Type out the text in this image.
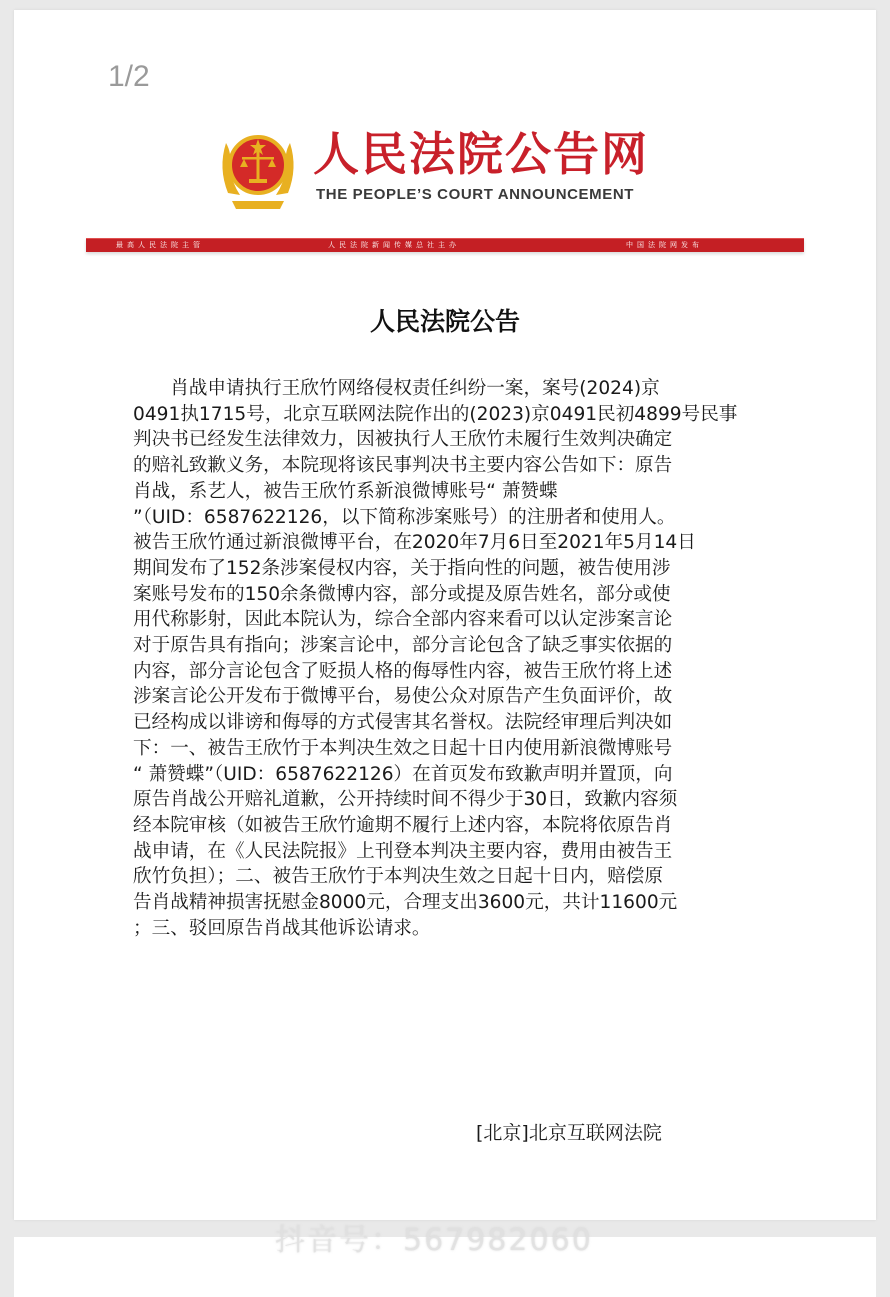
1/2
人民法院公告网
THE PEOPLE’S COURT ANNOUNCEMENT
最高人民法院主管	人民法院新闻传媒总社主办	中国法院网发布
人民法院公告
　　肖战申请执行王欣竹网络侵权责任纠纷一案，案号(2024)京
0491执1715号，北京互联网法院作出的(2023)京0491民初4899号民事
判决书已经发生法律效力，因被执行人王欣竹未履行生效判决确定
的赔礼致歉义务，本院现将该民事判决书主要内容公告如下：原告
肖战，系艺人，被告王欣竹系新浪微博账号“ 萧赞蝶
”（UID：6587622126，以下简称涉案账号）的注册者和使用人。
被告王欣竹通过新浪微博平台，在2020年7月6日至2021年5月14日
期间发布了152条涉案侵权内容，关于指向性的问题，被告使用涉
案账号发布的150余条微博内容，部分或提及原告姓名，部分或使
用代称影射，因此本院认为，综合全部内容来看可以认定涉案言论
对于原告具有指向；涉案言论中，部分言论包含了缺乏事实依据的
内容，部分言论包含了贬损人格的侮辱性内容，被告王欣竹将上述
涉案言论公开发布于微博平台，易使公众对原告产生负面评价，故
已经构成以诽谤和侮辱的方式侵害其名誉权。法院经审理后判决如
下：一、被告王欣竹于本判决生效之日起十日内使用新浪微博账号
“ 萧赞蝶”（UID：6587622126）在首页发布致歉声明并置顶，向
原告肖战公开赔礼道歉，公开持续时间不得少于30日，致歉内容须
经本院审核（如被告王欣竹逾期不履行上述内容，本院将依原告肖
战申请，在《人民法院报》上刊登本判决主要内容，费用由被告王
欣竹负担）；二、被告王欣竹于本判决生效之日起十日内，赔偿原
告肖战精神损害抚慰金8000元，合理支出3600元，共计11600元
；三、驳回原告肖战其他诉讼请求。
[北京]北京互联网法院
抖音号：567982060
